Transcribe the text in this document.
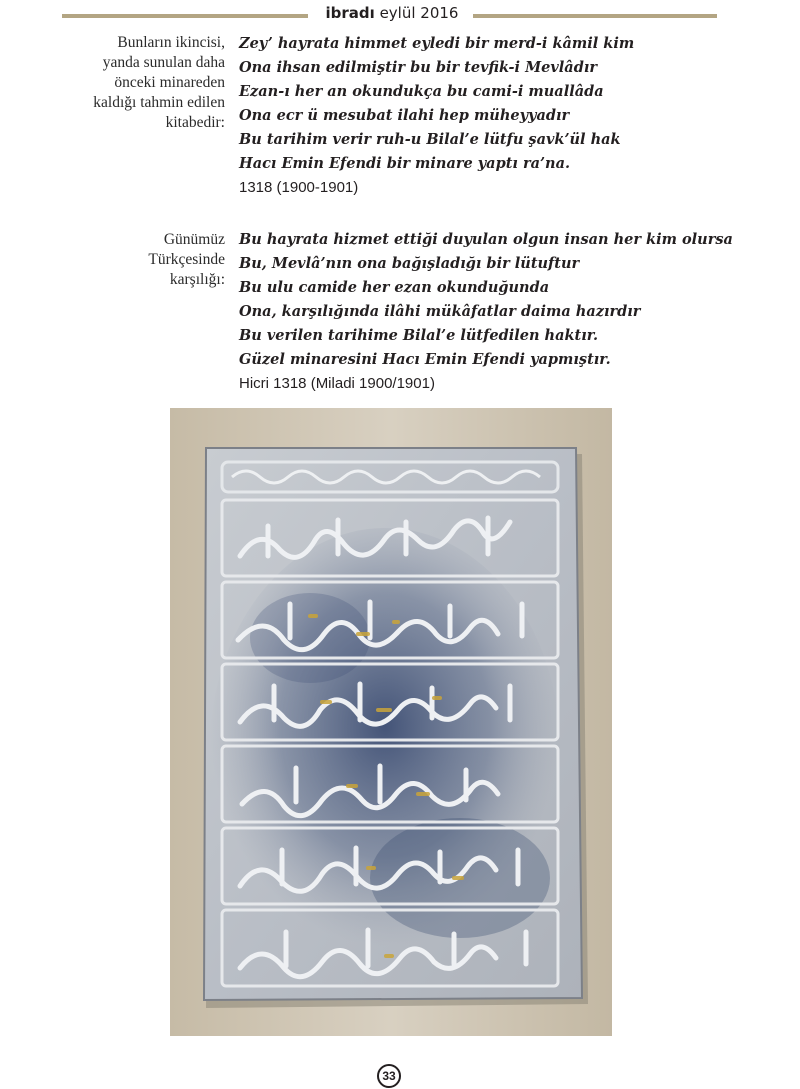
ibradı eylül 2016
Bunların ikincisi,
yanda sunulan daha
önceki minareden
kaldığı tahmin edilen
kitabedir:
Zey’ hayrata himmet eyledi bir merd-i kâmil kim
Ona ihsan edilmiştir bu bir tevfik-i Mevlâdır
Ezan-ı her an okundukça bu cami-i muallâda
Ona ecr ü mesubat ilahi hep müheyyadır
Bu tarihim verir ruh-u Bilal’e lütfu şavk’ül hak
Hacı Emin Efendi bir minare yaptı ra’na.
1318 (1900-1901)
Günümüz
Türkçesinde
karşılığı:
Bu hayrata hizmet ettiği duyulan olgun insan her kim olursa
Bu, Mevlâ’nın ona bağışladığı bir lütuftur
Bu ulu camide her ezan okunduğunda
Ona, karşılığında ilâhi mükâfatlar daima hazırdır
Bu verilen tarihime Bilal’e lütfedilen haktır.
Güzel minaresini Hacı Emin Efendi yapmıştır.
Hicri 1318 (Miladi 1900/1901)
33
